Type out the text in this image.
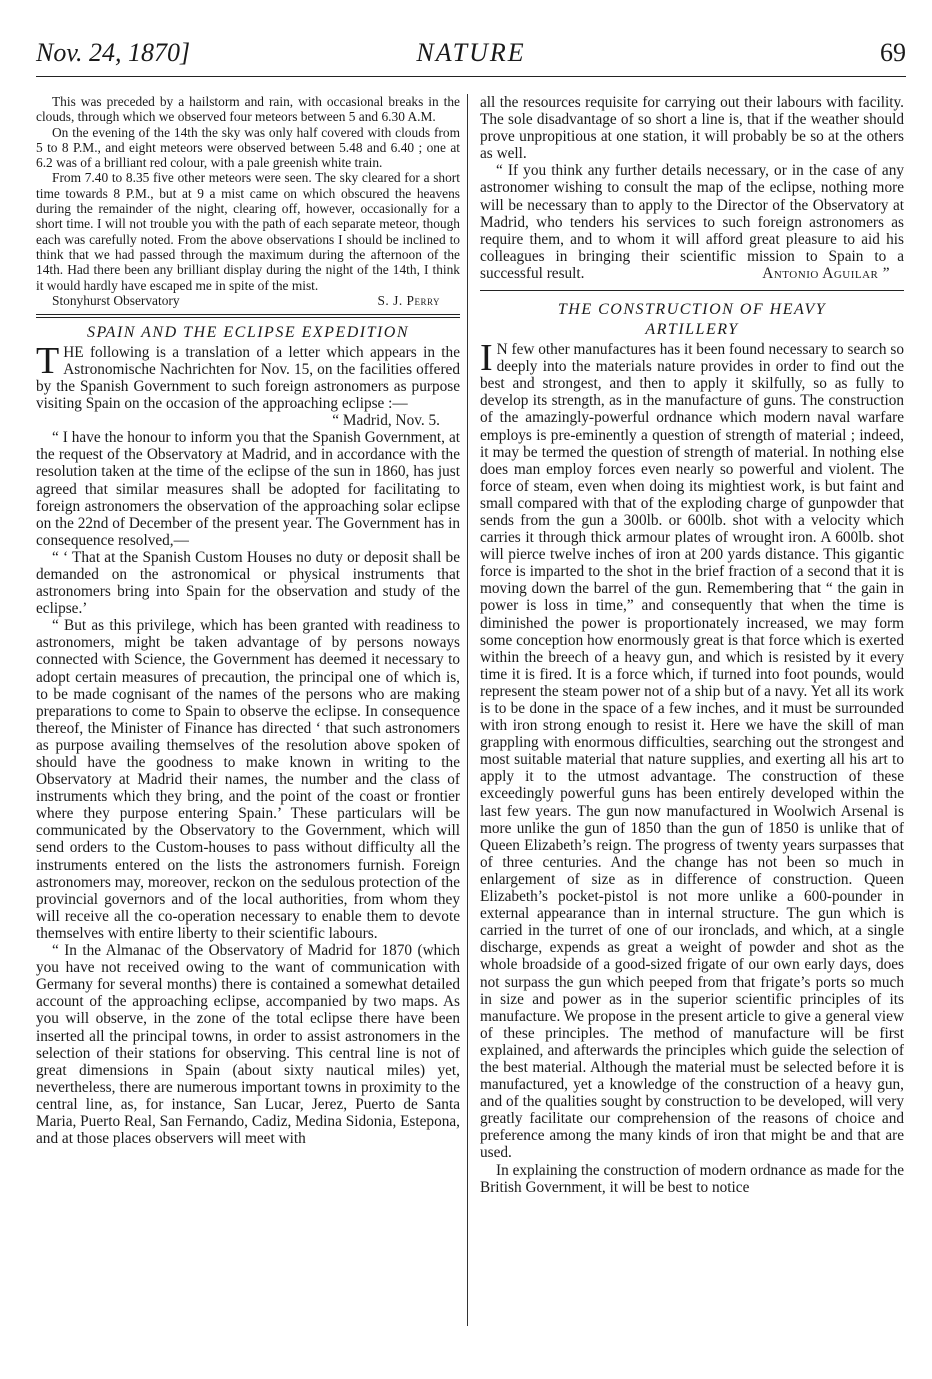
Nov. 24, 1870]	NATURE	69

This was preceded by a hailstorm and rain, with occasional breaks in the clouds, through which we observed four meteors between 5 and 6.30 A.M.

On the evening of the 14th the sky was only half covered with clouds from 5 to 8 P.M., and eight meteors were observed between 5.48 and 6.40 ; one at 6.2 was of a brilliant red colour, with a pale greenish white train.

From 7.40 to 8.35 five other meteors were seen. The sky cleared for a short time towards 8 P.M., but at 9 a mist came on which obscured the heavens during the remainder of the night, clearing off, however, occasionally for a short time. I will not trouble you with the path of each separate meteor, though each was carefully noted. From the above observations I should be inclined to think that we had passed through the maximum during the afternoon of the 14th. Had there been any brilliant display during the night of the 14th, I think it would hardly have escaped me in spite of the mist.

Stonyhurst Observatory	S. J. Perry
SPAIN AND THE ECLIPSE EXPEDITION

THE following is a translation of a letter which appears in the Astronomische Nachrichten for Nov. 15, on the facilities offered by the Spanish Government to such foreign astronomers as purpose visiting Spain on the occasion of the approaching eclipse :—

“ Madrid, Nov. 5.

“ I have the honour to inform you that the Spanish Government, at the request of the Observatory at Madrid, and in accordance with the resolution taken at the time of the eclipse of the sun in 1860, has just agreed that similar measures shall be adopted for facilitating to foreign astronomers the observation of the approaching solar eclipse on the 22nd of December of the present year. The Government has in consequence resolved,—

“ ‘ That at the Spanish Custom Houses no duty or deposit shall be demanded on the astronomical or physical instruments that astronomers bring into Spain for the observation and study of the eclipse.’

“ But as this privilege, which has been granted with readiness to astronomers, might be taken advantage of by persons noways connected with Science, the Government has deemed it necessary to adopt certain measures of precaution, the principal one of which is, to be made cognisant of the names of the persons who are making preparations to come to Spain to observe the eclipse. In consequence thereof, the Minister of Finance has directed ‘ that such astronomers as purpose availing themselves of the resolution above spoken of should have the goodness to make known in writing to the Observatory at Madrid their names, the number and the class of instruments which they bring, and the point of the coast or frontier where they purpose entering Spain.’ These particulars will be communicated by the Observatory to the Government, which will send orders to the Custom-houses to pass without difficulty all the instruments entered on the lists the astronomers furnish. Foreign astronomers may, moreover, reckon on the sedulous protection of the provincial governors and of the local authorities, from whom they will receive all the co-operation necessary to enable them to devote themselves with entire liberty to their scientific labours.

“ In the Almanac of the Observatory of Madrid for 1870 (which you have not received owing to the want of communication with Germany for several months) there is contained a somewhat detailed account of the approaching eclipse, accompanied by two maps. As you will observe, in the zone of the total eclipse there have been inserted all the principal towns, in order to assist astronomers in the selection of their stations for observing. This central line is not of great dimensions in Spain (about sixty nautical miles) yet, nevertheless, there are numerous important towns in proximity to the central line, as, for instance, San Lucar, Jerez, Puerto de Santa Maria, Puerto Real, San Fernando, Cadiz, Medina Sidonia, Estepona, and at those places observers will meet with

all the resources requisite for carrying out their labours with facility. The sole disadvantage of so short a line is, that if the weather should prove unpropitious at one station, it will probably be so at the others as well.

“ If you think any further details necessary, or in the case of any astronomer wishing to consult the map of the eclipse, nothing more will be necessary than to apply to the Director of the Observatory at Madrid, who tenders his services to such foreign astronomers as require them, and to whom it will afford great pleasure to aid his colleagues in bringing their scientific mission to Spain to a successful result.	Antonio Aguilar ”

THE CONSTRUCTION OF HEAVY
ARTILLERY

I N few other manufactures has it been found necessary to search so deeply into the materials nature provides in order to find out the best and strongest, and then to apply it skilfully, so as fully to develop its strength, as in the manufacture of guns. The construction of the amazingly-powerful ordnance which modern naval warfare employs is pre-eminently a question of strength of material ; indeed, it may be termed the question of strength of material. In nothing else does man employ forces even nearly so powerful and violent. The force of steam, even when doing its mightiest work, is but faint and small compared with that of the exploding charge of gunpowder that sends from the gun a 300lb. or 600lb. shot with a velocity which carries it through thick armour plates of wrought iron. A 600lb. shot will pierce twelve inches of iron at 200 yards distance. This gigantic force is imparted to the shot in the brief fraction of a second that it is moving down the barrel of the gun. Remembering that “ the gain in power is loss in time,” and consequently that when the time is diminished the power is proportionately increased, we may form some conception how enormously great is that force which is exerted within the breech of a heavy gun, and which is resisted by it every time it is fired. It is a force which, if turned into foot pounds, would represent the steam power not of a ship but of a navy. Yet all its work is to be done in the space of a few inches, and it must be surrounded with iron strong enough to resist it. Here we have the skill of man grappling with enormous difficulties, searching out the strongest and most suitable material that nature supplies, and exerting all his art to apply it to the utmost advantage. The construction of these exceedingly powerful guns has been entirely developed within the last few years. The gun now manufactured in Woolwich Arsenal is more unlike the gun of 1850 than the gun of 1850 is unlike that of Queen Elizabeth’s reign. The progress of twenty years surpasses that of three centuries. And the change has not been so much in enlargement of size as in difference of construction. Queen Elizabeth’s pocket-pistol is not more unlike a 600-pounder in external appearance than in internal structure. The gun which is carried in the turret of one of our ironclads, and which, at a single discharge, expends as great a weight of powder and shot as the whole broadside of a good-sized frigate of our own early days, does not surpass the gun which peeped from that frigate’s ports so much in size and power as in the superior scientific principles of its manufacture. We propose in the present article to give a general view of these principles. The method of manufacture will be first explained, and afterwards the principles which guide the selection of the best material. Although the material must be selected before it is manufactured, yet a knowledge of the construction of a heavy gun, and of the qualities sought by construction to be developed, will very greatly facilitate our comprehension of the reasons of choice and preference among the many kinds of iron that might be and that are used.

In explaining the construction of modern ordnance as made for the British Government, it will be best to notice
